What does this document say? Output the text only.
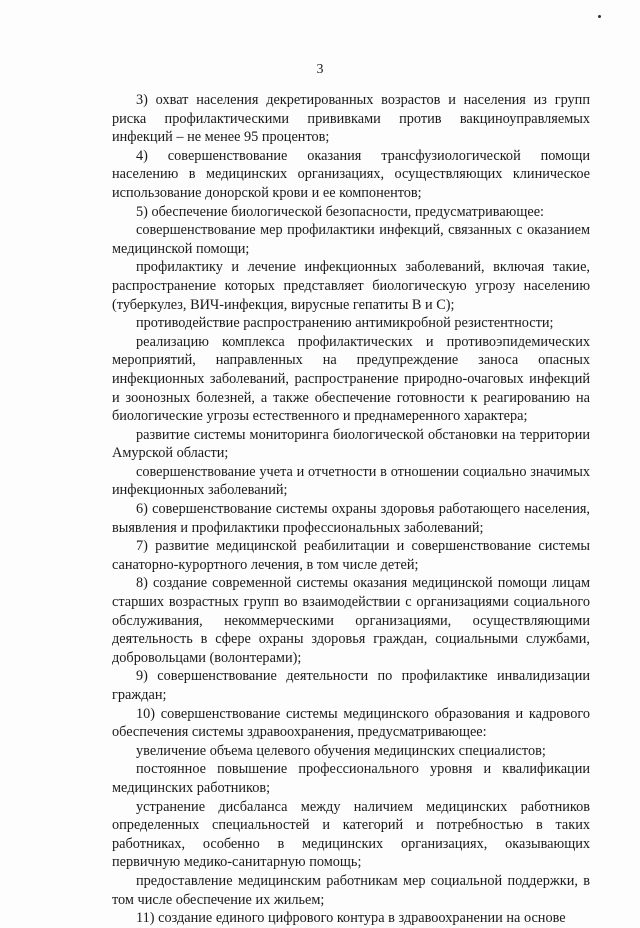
3

3) охват населения декретированных возрастов и населения из групп риска профилактическими прививками против вакциноуправляемых инфекций – не менее 95 процентов;

4) совершенствование оказания трансфузиологической помощи населению в медицинских организациях, осуществляющих клиническое использование донорской крови и ее компонентов;

5) обеспечение биологической безопасности, предусматривающее:

совершенствование мер профилактики инфекций, связанных с оказанием медицинской помощи;

профилактику и лечение инфекционных заболеваний, включая такие, распространение которых представляет биологическую угрозу населению (туберкулез, ВИЧ-инфекция, вирусные гепатиты B и C);

противодействие распространению антимикробной резистентности;

реализацию комплекса профилактических и противоэпидемических мероприятий, направленных на предупреждение заноса опасных инфекционных заболеваний, распространение природно-очаговых инфекций и зоонозных болезней, а также обеспечение готовности к реагированию на биологические угрозы естественного и преднамеренного характера;

развитие системы мониторинга биологической обстановки на территории Амурской области;

совершенствование учета и отчетности в отношении социально значимых инфекционных заболеваний;

6) совершенствование системы охраны здоровья работающего населения, выявления и профилактики профессиональных заболеваний;

7) развитие медицинской реабилитации и совершенствование системы санаторно-курортного лечения, в том числе детей;

8) создание современной системы оказания медицинской помощи лицам старших возрастных групп во взаимодействии с организациями социального обслуживания, некоммерческими организациями, осуществляющими деятельность в сфере охраны здоровья граждан, социальными службами, добровольцами (волонтерами);

9) совершенствование деятельности по профилактике инвалидизации граждан;

10) совершенствование системы медицинского образования и кадрового обеспечения системы здравоохранения, предусматривающее:

увеличение объема целевого обучения медицинских специалистов;

постоянное повышение профессионального уровня и квалификации медицинских работников;

устранение дисбаланса между наличием медицинских работников определенных специальностей и категорий и потребностью в таких работниках, особенно в медицинских организациях, оказывающих первичную медико-санитарную помощь;

предоставление медицинским работникам мер социальной поддержки, в том числе обеспечение их жильем;

11) создание единого цифрового контура в здравоохранении на основе
